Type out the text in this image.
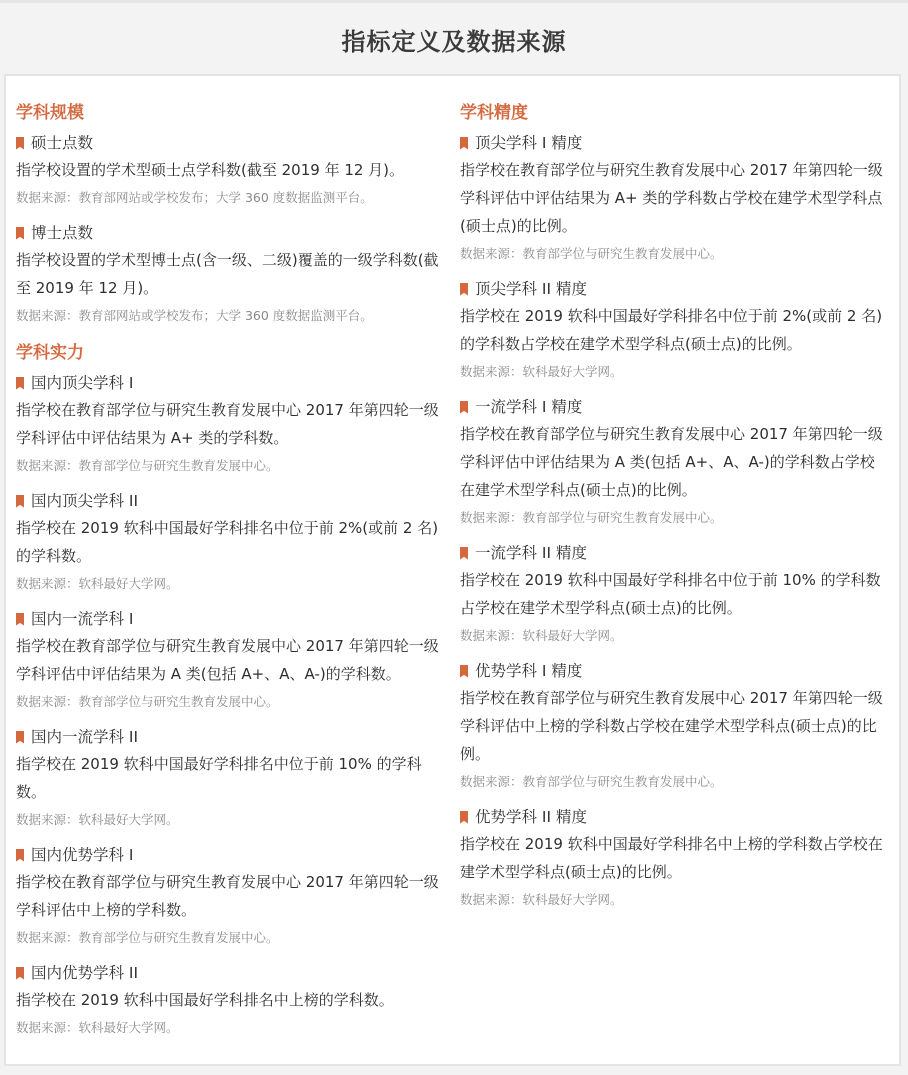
指标定义及数据来源
学科规模
硕士点数
指学校设置的学术型硕士点学科数(截至 2019 年 12 月)。
数据来源：教育部网站或学校发布；大学 360 度数据监测平台。
博士点数
指学校设置的学术型博士点(含一级、二级)覆盖的一级学科数(截至 2019 年 12 月)。
数据来源：教育部网站或学校发布；大学 360 度数据监测平台。
学科实力
国内顶尖学科 I
指学校在教育部学位与研究生教育发展中心 2017 年第四轮一级学科评估中评估结果为 A+ 类的学科数。
数据来源：教育部学位与研究生教育发展中心。
国内顶尖学科 II
指学校在 2019 软科中国最好学科排名中位于前 2%(或前 2 名)的学科数。
数据来源：软科最好大学网。
国内一流学科 I
指学校在教育部学位与研究生教育发展中心 2017 年第四轮一级学科评估中评估结果为 A 类(包括 A+、A、A-)的学科数。
数据来源：教育部学位与研究生教育发展中心。
国内一流学科 II
指学校在 2019 软科中国最好学科排名中位于前 10% 的学科数。
数据来源：软科最好大学网。
国内优势学科 I
指学校在教育部学位与研究生教育发展中心 2017 年第四轮一级学科评估中上榜的学科数。
数据来源：教育部学位与研究生教育发展中心。
国内优势学科 II
指学校在 2019 软科中国最好学科排名中上榜的学科数。
数据来源：软科最好大学网。
学科精度
顶尖学科 I 精度
指学校在教育部学位与研究生教育发展中心 2017 年第四轮一级学科评估中评估结果为 A+ 类的学科数占学校在建学术型学科点(硕士点)的比例。
数据来源：教育部学位与研究生教育发展中心。
顶尖学科 II 精度
指学校在 2019 软科中国最好学科排名中位于前 2%(或前 2 名)的学科数占学校在建学术型学科点(硕士点)的比例。
数据来源：软科最好大学网。
一流学科 I 精度
指学校在教育部学位与研究生教育发展中心 2017 年第四轮一级学科评估中评估结果为 A 类(包括 A+、A、A-)的学科数占学校在建学术型学科点(硕士点)的比例。
数据来源：教育部学位与研究生教育发展中心。
一流学科 II 精度
指学校在 2019 软科中国最好学科排名中位于前 10% 的学科数占学校在建学术型学科点(硕士点)的比例。
数据来源：软科最好大学网。
优势学科 I 精度
指学校在教育部学位与研究生教育发展中心 2017 年第四轮一级学科评估中上榜的学科数占学校在建学术型学科点(硕士点)的比例。
数据来源：教育部学位与研究生教育发展中心。
优势学科 II 精度
指学校在 2019 软科中国最好学科排名中上榜的学科数占学校在建学术型学科点(硕士点)的比例。
数据来源：软科最好大学网。
